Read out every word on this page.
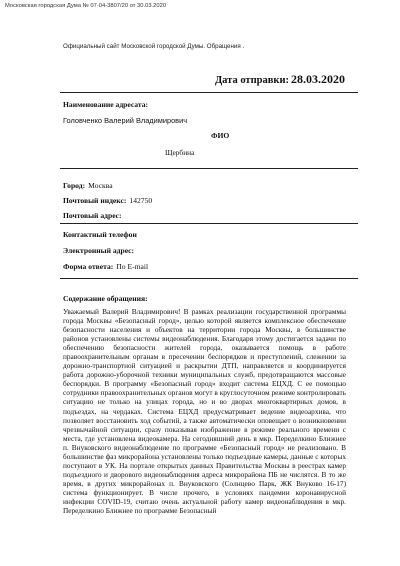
Московская городская Дума № 07-04-3807/20 от 30.03.2020
Официальный сайт Московской городской Думы. Обращения .
Дата отправки: 28.03.2020
Наименование адресата:
Головченко Валерий Владимирович
ФИО
Щербина
Город: Москва
Почтовый индекс: 142750
Почтовый адрес:
Контактный телефон
Электронный адрес:
Форма ответа: По E-mail
Содержание обращения:
Уважаемый Валерий Владимирович! В рамках реализации государственной программы города Москвы «Безопасный город», целью которой является комплексное обеспечение безопасности населения и объектов на территории города Москвы, в большинстве районов установлены системы видеонаблюдения. Благодаря этому достигается задачи по обеспечению безопасности жителей города, оказывается помощь в работе правоохранительным органам в пресечении беспорядков и преступлений, слежении за дорожно-транспортной ситуацией и раскрытии ДТП, направляется и координируется работа дорожно-уборочной техники муниципальных служб, предотвращаются массовые беспорядки. В программу «Безопасный город» входит система ЕЦХД. С ее помощью сотрудники правоохранительных органов могут в круглосуточном режиме контролировать ситуацию не только на улицах города, но и во дворах многоквартирных домов, в подъездах, на чердаках. Система ЕЦХД предусматривает ведение видеоархива, что позволяет восстановить ход событий, а также автоматически оповещает о возникновении чрезвычайной ситуации, сразу показывая изображение в режиме реального времени с места, где установлена видеокамера. На сегодняшний день в мкр. Переделкино Ближнее п. Внуковского видеонаблюдение по программе «Безопасный город» не реализовано. В большинстве фаз микрорайона установлены только подъездные камеры, данные с которых поступают в УК. На портале открытых данных Правительства Москвы в реестрах камер подъездного и дворового видеонаблюдения адреса микрорайона ПБ не числятся. В то же время, в других микрорайонах п. Внуковского (Солнцево Парк, ЖК Внуково 16-17) система функционирует. В числе прочего, в условиях пандемии коронавирусной инфекции COVID-19, считаю очень актуальной работу камер видеонаблюдения в мкр. Переделкино Ближнее по программе Безопасный
